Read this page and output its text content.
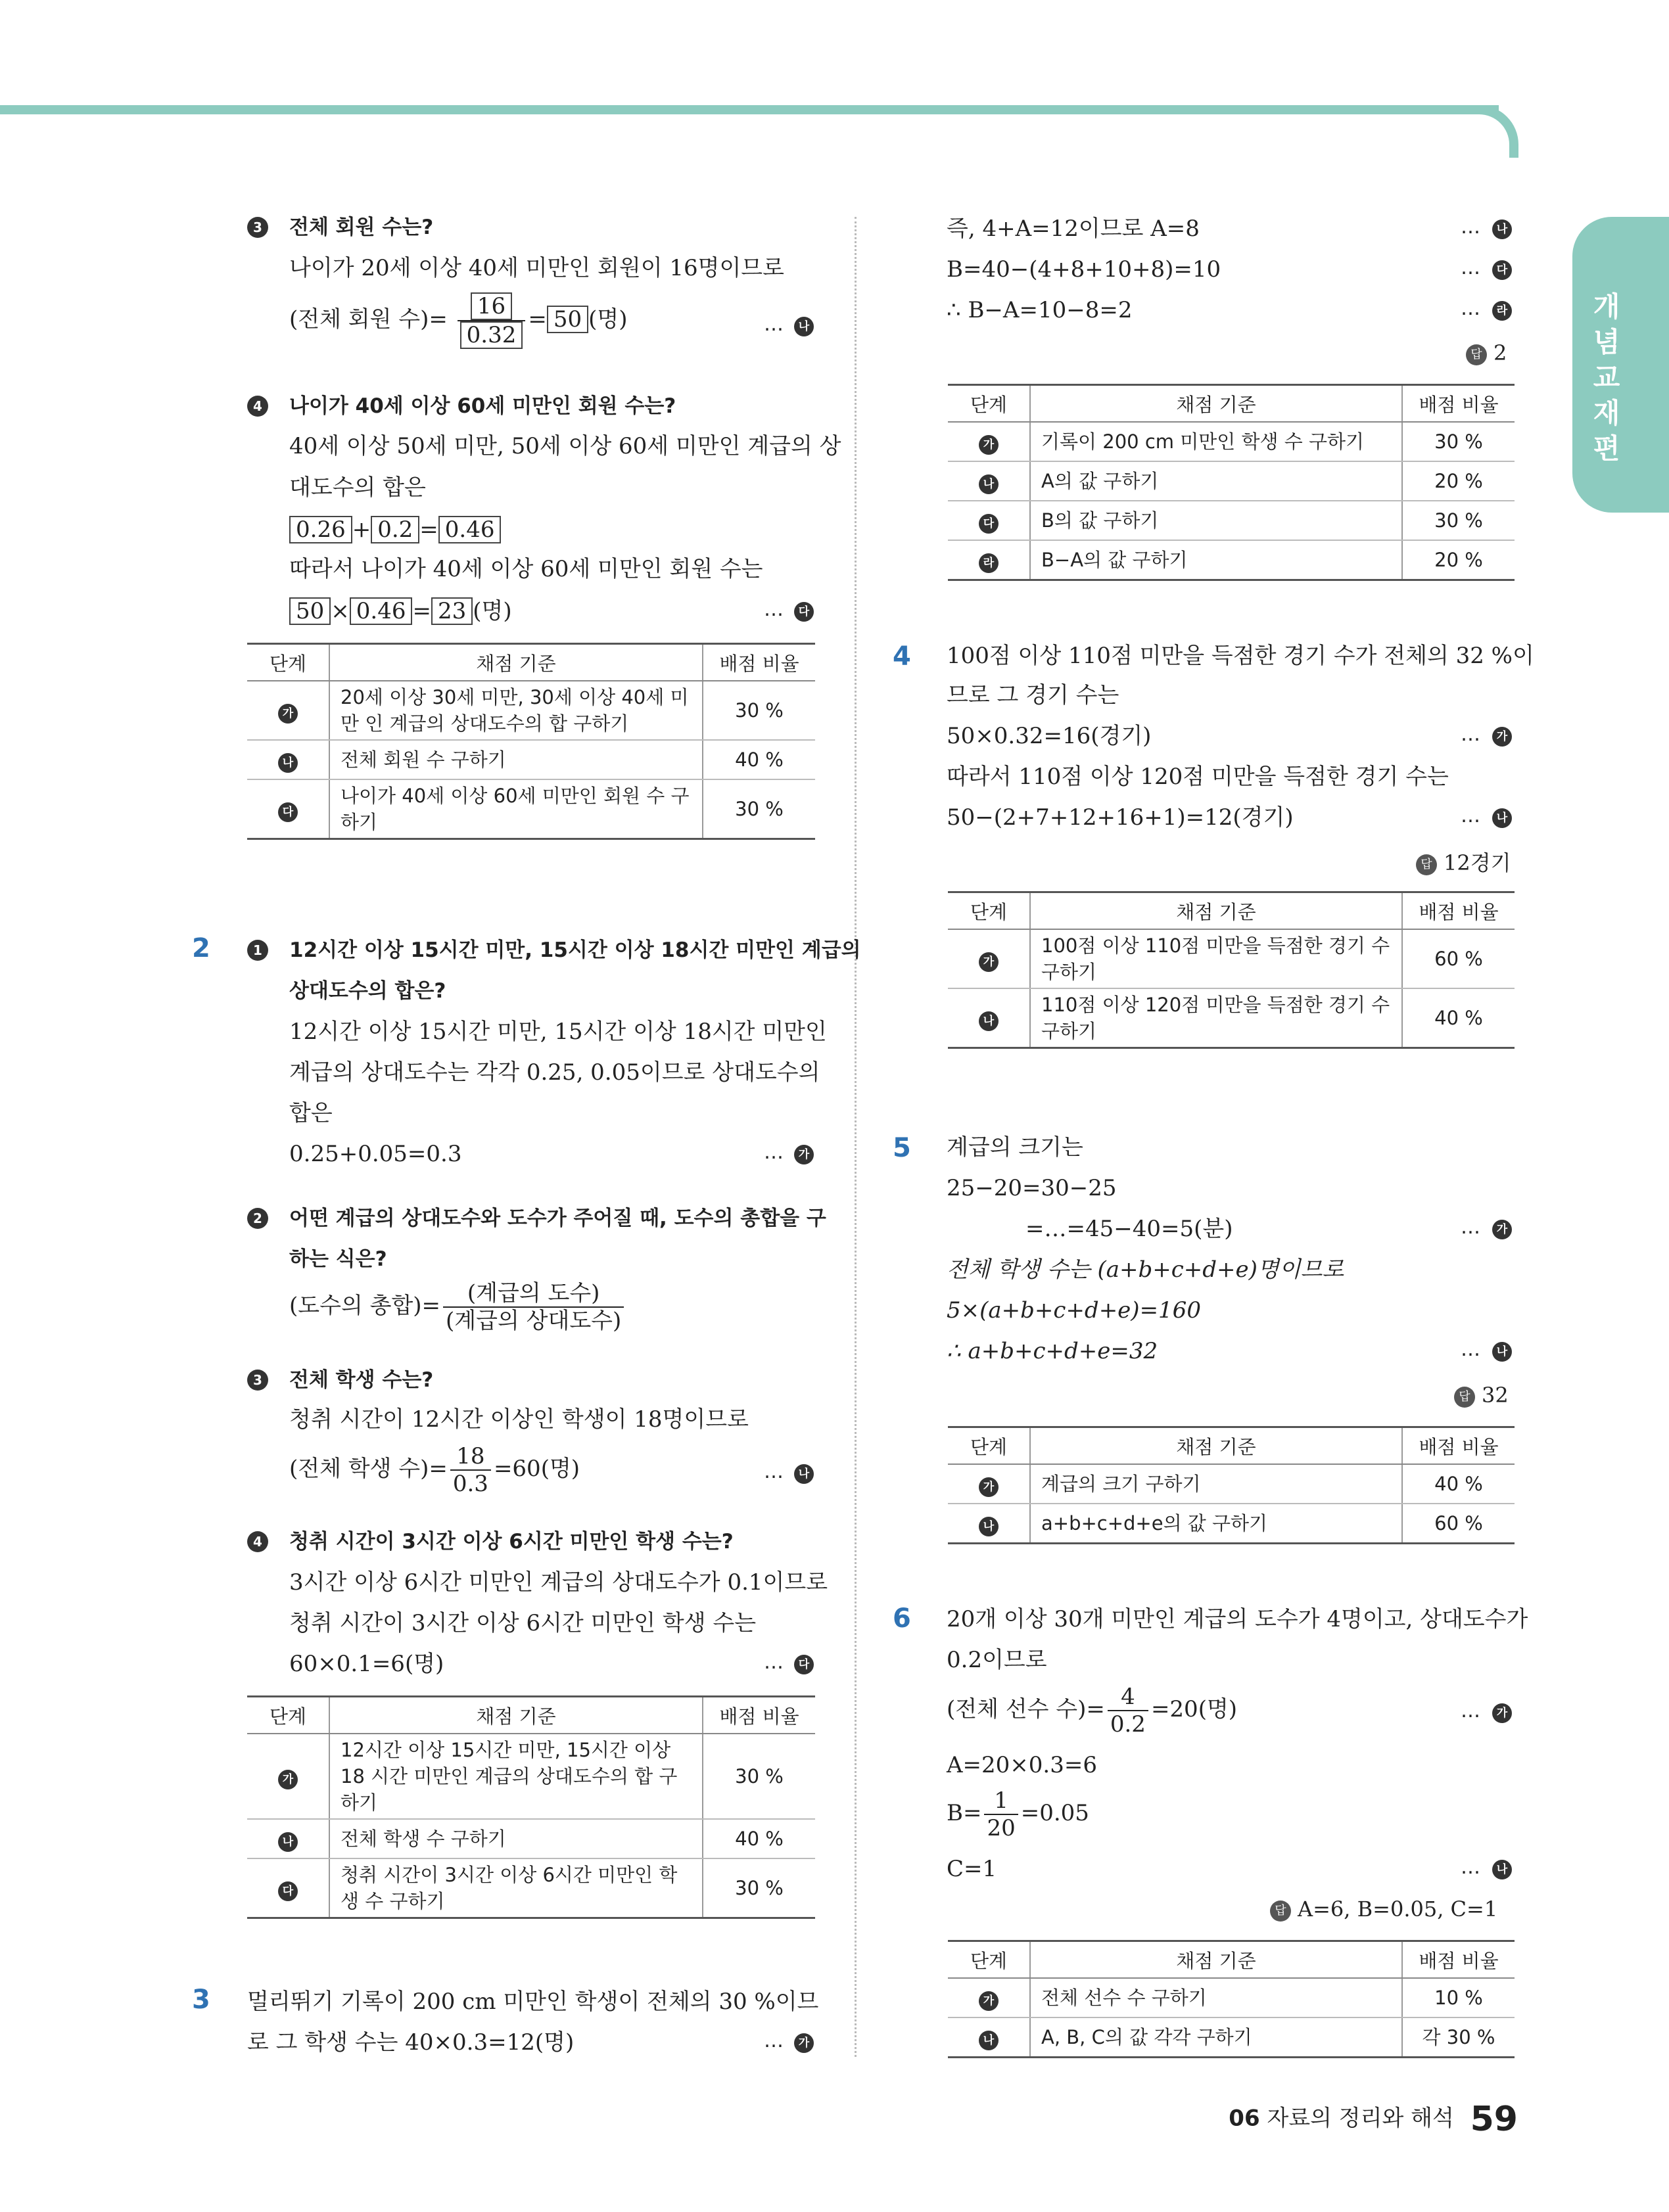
개념교재편
3 전체 회원 수는?
나이가 20세 이상 40세 미만인 회원이 16명이므로
(전체 회원 수)= $\frac{16}{0.32} = 50$ (명)	…	나
4 나이가 40세 이상 60세 미만인 회원 수는?
40세 이상 50세 미만, 50세 이상 60세 미만인 계급의 상
대도수의 합은
0.26 + 0.2 = 0.46
따라서 나이가 40세 이상 60세 미만인 회원 수는
50 × 0.46 = 23 (명)	…	다
단계	채점 기준	배점 비율
가	20세 이상 30세 미만, 30세 이상 40세 미만 인 계급의 상대도수의 합 구하기	30 %
나	전체 회원 수 구하기	40 %
다	나이가 40세 이상 60세 미만인 회원 수 구 하기	30 %
2	1 12시간 이상 15시간 미만, 15시간 이상 18시간 미만인 계급의
상대도수의 합은?
12시간 이상 15시간 미만, 15시간 이상 18시간 미만인
계급의 상대도수는 각각 0.25, 0.05이므로 상대도수의
합은
0.25+0.05=0.3	…	가
2 어떤 계급의 상대도수와 도수가 주어질 때, 도수의 총합을 구
하는 식은?
(도수의 총합)= $\frac{\text{(계급의 도수)}}{\text{(계급의 상대도수)}}$
3 전체 학생 수는?
청취 시간이 12시간 이상인 학생이 18명이므로
(전체 학생 수)= $\frac{18}{0.3} =60$(명)	…	나
4 청취 시간이 3시간 이상 6시간 미만인 학생 수는?
3시간 이상 6시간 미만인 계급의 상대도수가 0.1이므로
청취 시간이 3시간 이상 6시간 미만인 학생 수는
60×0.1=6(명)	…	다
단계	채점 기준	배점 비율
가	12시간 이상 15시간 미만, 15시간 이상 18 시간 미만인 계급의 상대도수의 합 구하기	30 %
나	전체 학생 수 구하기	40 %
다	청취 시간이 3시간 이상 6시간 미만인 학생 수 구하기	30 %
3 멀리뛰기 기록이 200 cm 미만인 학생이 전체의 30 %이므
로 그 학생 수는 40×0.3=12(명)	…	가
즉, 4+A=12이므로 A=8	…	나
B=40−(4+8+10+8)=10	…	다
∴ B−A=10−8=2	…	라
답 2
단계	채점 기준	배점 비율
가	기록이 200 cm 미만인 학생 수 구하기	30 %
나	A의 값 구하기	20 %
다	B의 값 구하기	30 %
라	B−A의 값 구하기	20 %
4 100점 이상 110점 미만을 득점한 경기 수가 전체의 32 %이
므로 그 경기 수는
50×0.32=16(경기)	…	가
따라서 110점 이상 120점 미만을 득점한 경기 수는
50−(2+7+12+16+1)=12(경기)	…	나
답 12경기
단계	채점 기준	배점 비율
가	100점 이상 110점 미만을 득점한 경기 수 구하기	60 %
나	110점 이상 120점 미만을 득점한 경기 수 구하기	40 %
5 계급의 크기는
25−20=30−25
=…=45−40=5(분)	…	가
전체 학생 수는 (a+b+c+d+e)명이므로
5×(a+b+c+d+e)=160
∴ a+b+c+d+e=32	…	나
답 32
단계	채점 기준	배점 비율
가	계급의 크기 구하기	40 %
나	a+b+c+d+e의 값 구하기	60 %
6 20개 이상 30개 미만인 계급의 도수가 4명이고, 상대도수가
0.2이므로
(전체 선수 수)= $\frac{4}{0.2} =20$(명)	…	가
A=20×0.3=6
$B= \frac{1}{20} =0.05$
C=1	…	나
답 A=6, B=0.05, C=1
단계	채점 기준	배점 비율
가	전체 선수 수 구하기	10 %
나	A, B, C의 값 각각 구하기	각 30 %
06 자료의 정리와 해석 59
